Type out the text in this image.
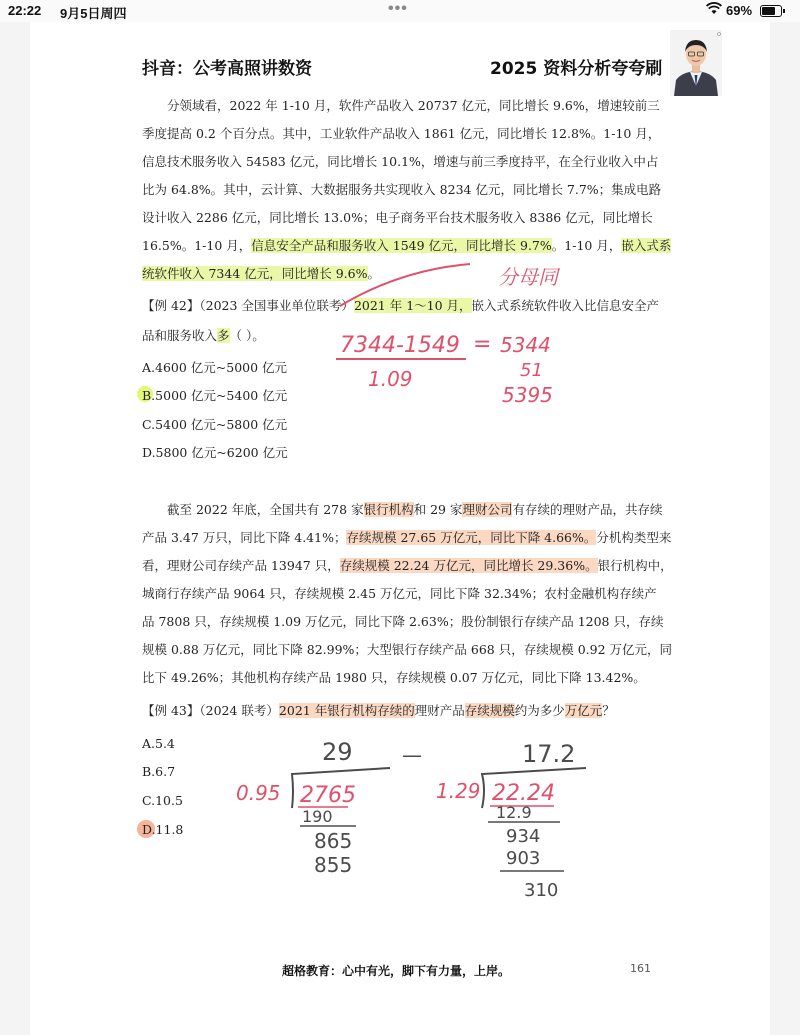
22:22 9月5日周四	•••	69%
抖音：公考高照讲数资	2025 资料分析夸夸刷
分领域看，2022 年 1-10 月，软件产品收入 20737 亿元，同比增长 9.6%，增速较前三
季度提高 0.2 个百分点。其中，工业软件产品收入 1861 亿元，同比增长 12.8%。1-10 月，
信息技术服务收入 54583 亿元，同比增长 10.1%，增速与前三季度持平，在全行业收入中占
比为 64.8%。其中，云计算、大数据服务共实现收入 8234 亿元，同比增长 7.7%；集成电路
设计收入 2286 亿元，同比增长 13.0%；电子商务平台技术服务收入 8386 亿元，同比增长
16.5%。1-10 月，信息安全产品和服务收入 1549 亿元，同比增长 9.7%。1-10 月，嵌入式系
统软件收入 7344 亿元，同比增长 9.6%。
【例 42】（2023 全国事业单位联考）2021 年 1～10 月，嵌入式系统软件收入比信息安全产
品和服务收入多（ ）。
A.4600 亿元~5000 亿元
B.5000 亿元~5400 亿元
C.5400 亿元~5800 亿元
D.5800 亿元~6200 亿元
截至 2022 年底，全国共有 278 家银行机构和 29 家理财公司有存续的理财产品，共存续
产品 3.47 万只，同比下降 4.41%；存续规模 27.65 万亿元，同比下降 4.66%。分机构类型来
看，理财公司存续产品 13947 只，存续规模 22.24 万亿元，同比增长 29.36%。银行机构中，
城商行存续产品 9064 只，存续规模 2.45 万亿元，同比下降 32.34%；农村金融机构存续产
品 7808 只，存续规模 1.09 万亿元，同比下降 2.63%；股份制银行存续产品 1208 只，存续
规模 0.88 万亿元，同比下降 82.99%；大型银行存续产品 668 只，存续规模 0.92 万亿元，同
比下 49.26%；其他机构存续产品 1980 只，存续规模 0.07 万亿元，同比下降 13.42%。
【例 43】（2024 联考）2021 年银行机构存续的理财产品存续规模约为多少万亿元？
A.5.4
B.6.7
C.10.5
D.11.8
分母同
7344-1549
1.09
= 5344
51
5395
29
0.95 2765
190
865
855
—	17.2
1.29 22.24
12.9
934
903
310
超格教育：心中有光，脚下有力量，上岸。	161
